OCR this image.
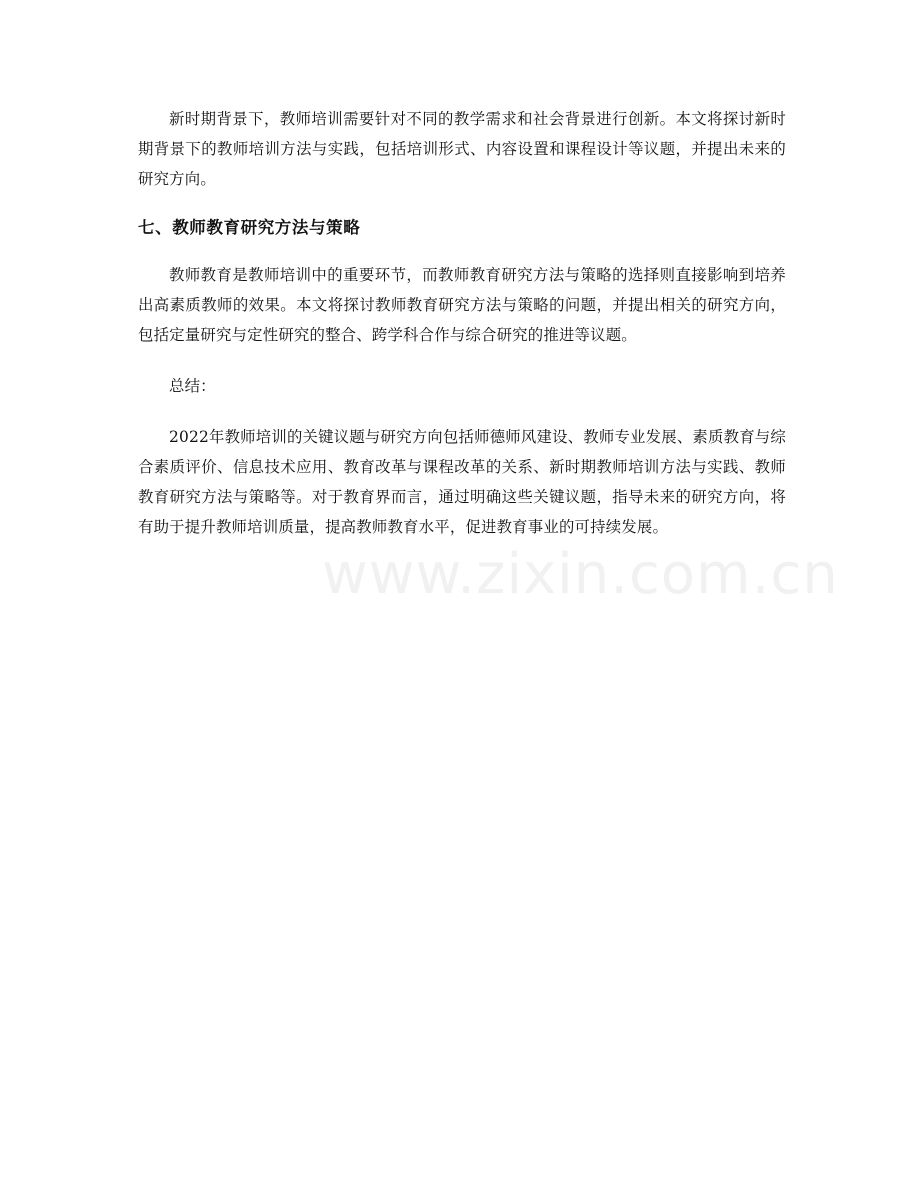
新时期背景下，教师培训需要针对不同的教学需求和社会背景进行创新。本文将探讨新时期背景下的教师培训方法与实践，包括培训形式、内容设置和课程设计等议题，并提出未来的研究方向。

七、教师教育研究方法与策略

教师教育是教师培训中的重要环节，而教师教育研究方法与策略的选择则直接影响到培养出高素质教师的效果。本文将探讨教师教育研究方法与策略的问题，并提出相关的研究方向，包括定量研究与定性研究的整合、跨学科合作与综合研究的推进等议题。

总结：

2022年教师培训的关键议题与研究方向包括师德师风建设、教师专业发展、素质教育与综合素质评价、信息技术应用、教育改革与课程改革的关系、新时期教师培训方法与实践、教师教育研究方法与策略等。对于教育界而言，通过明确这些关键议题，指导未来的研究方向，将有助于提升教师培训质量，提高教师教育水平，促进教育事业的可持续发展。

www.zixin.com.cn
